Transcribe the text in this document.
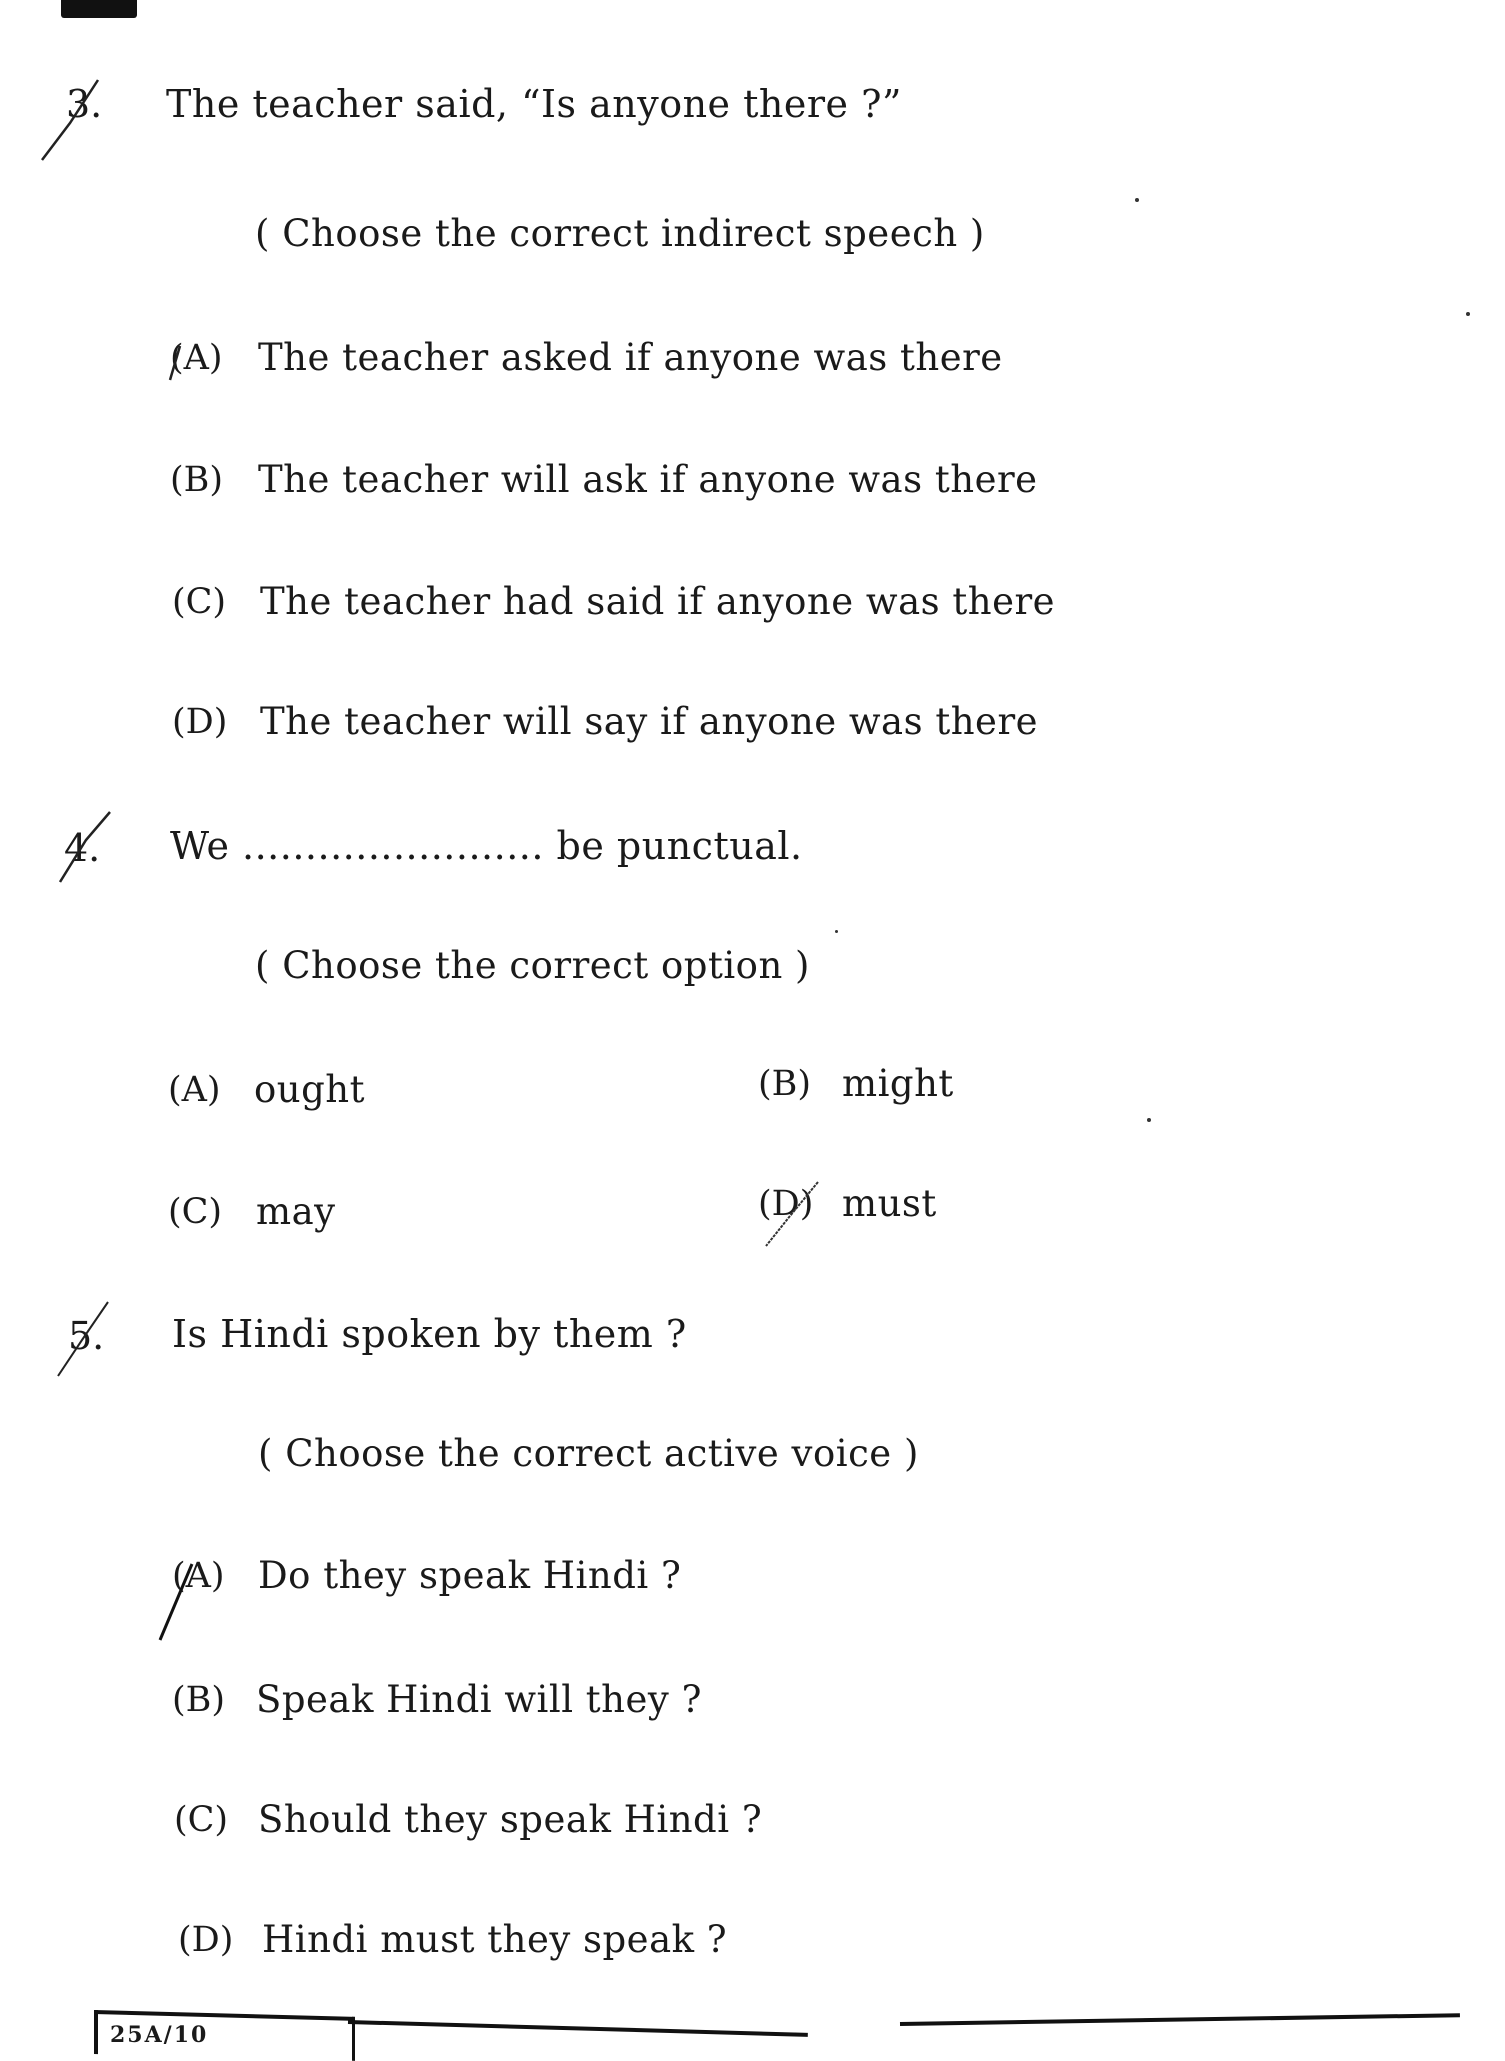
3. The teacher said, “Is anyone there ?”
( Choose the correct indirect speech )
(A) The teacher asked if anyone was there
(B) The teacher will ask if anyone was there
(C) The teacher had said if anyone was there
(D) The teacher will say if anyone was there
4. We ........................ be punctual.
( Choose the correct option )
(A) ought	(B) might
(C) may	(D) must
5. Is Hindi spoken by them ?
( Choose the correct active voice )
(A) Do they speak Hindi ?
(B) Speak Hindi will they ?
(C) Should they speak Hindi ?
(D) Hindi must they speak ?
25A/10
